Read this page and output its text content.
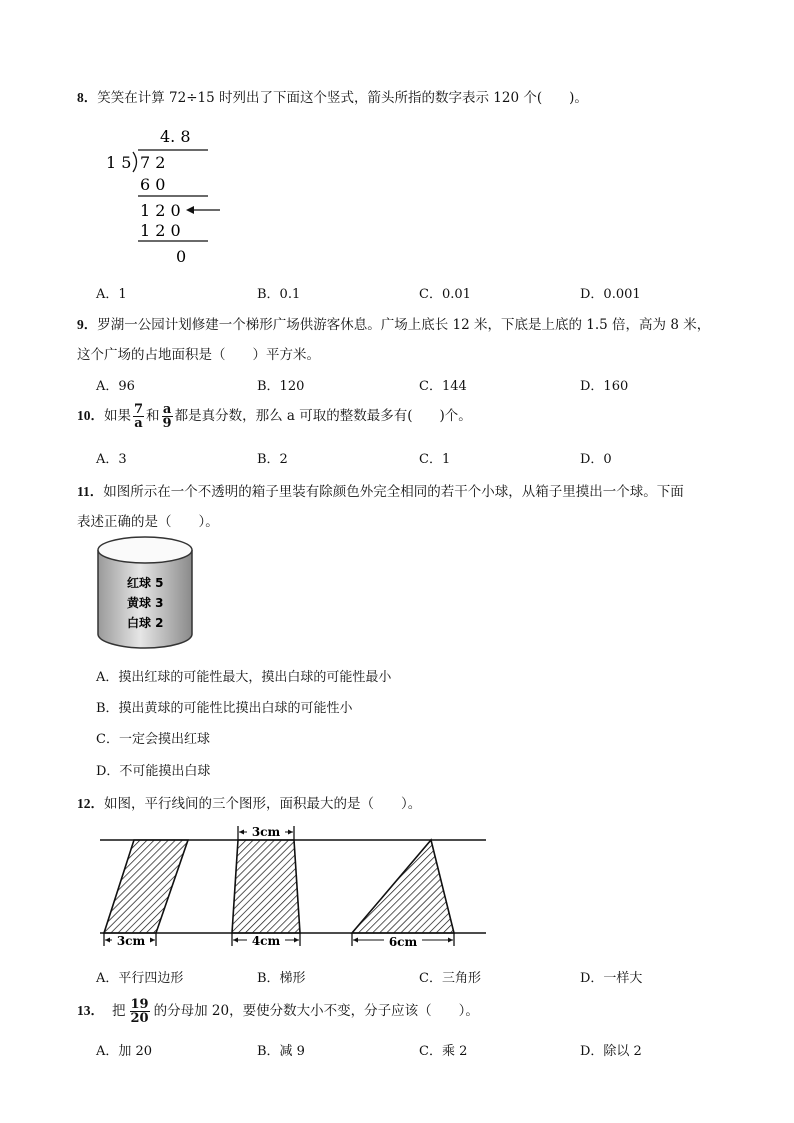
8．笑笑在计算 72÷15 时列出了下面这个竖式，箭头所指的数字表示 120 个(　　)。
4. 8
1 5 7 2
6 0
1 2 0
1 2 0
0
A．1	B．0.1	C．0.01	D．0.001
9．罗湖一公园计划修建一个梯形广场供游客休息。广场上底长 12 米，下底是上底的 1.5 倍，高为 8 米，
这个广场的占地面积是（　　）平方米。
A．96	B．120	C．144	D．160
10．如果 $\frac{7}{a}$ 和 $\frac{a}{9}$ 都是真分数，那么 a 可取的整数最多有(　　)个。
A．3	B．2	C．1	D．0
11．如图所示在一个不透明的箱子里装有除颜色外完全相同的若干个小球，从箱子里摸出一个球。下面
表述正确的是（　　）。
红球 5
黄球 3
白球 2
A．摸出红球的可能性最大，摸出白球的可能性最小
B．摸出黄球的可能性比摸出白球的可能性小
C．一定会摸出红球
D．不可能摸出白球
12．如图，平行线间的三个图形，面积最大的是（　　）。
3cm
3cm	4cm	6cm
A．平行四边形	B．梯形	C．三角形	D．一样大
13． 把 $\frac{19}{20}$ 的分母加 20，要使分数大小不变，分子应该（　　）。
A．加 20	B．减 9	C．乘 2	D．除以 2
